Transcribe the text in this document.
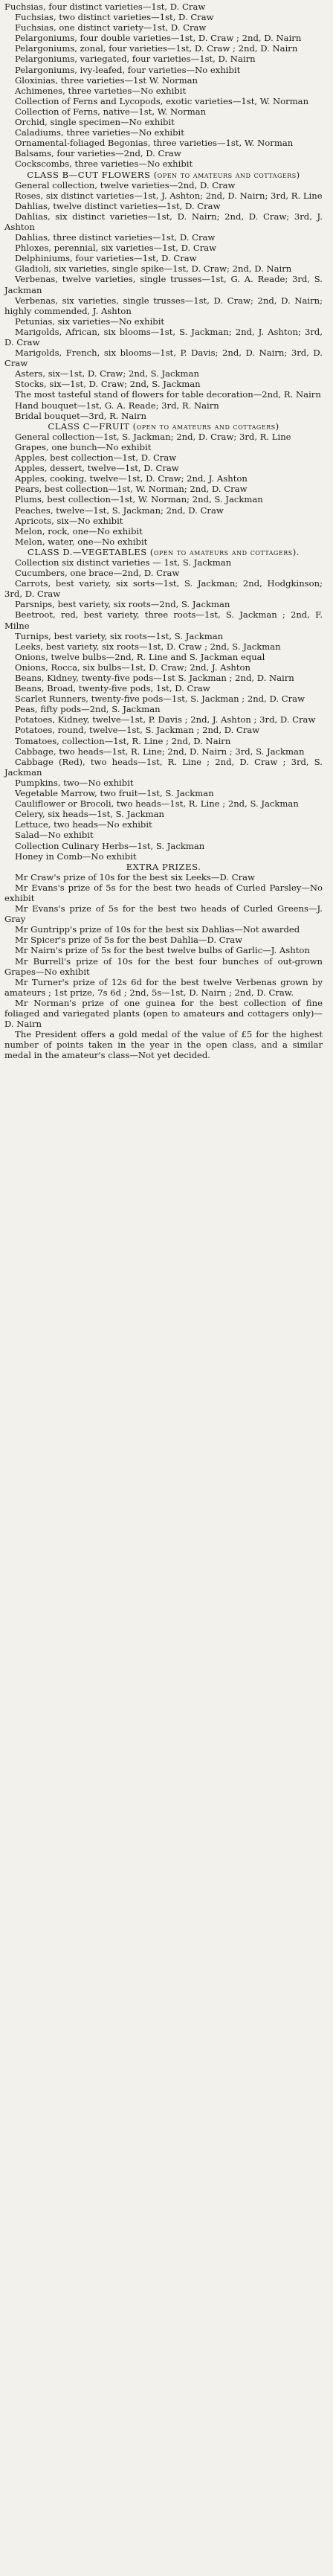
Fuchsias, four distinct varieties—1st, D. Craw

Fuchsias, two distinct varieties—1st, D. Craw

Fuchsias, one distinct variety—1st, D. Craw

Pelargoniums, four double varieties—1st, D. Craw ; 2nd, D. Nairn

Pelargoniums, zonal, four varieties—1st, D. Craw ; 2nd, D. Nairn

Pelargoniums, variegated, four varieties—1st, D. Nairn

Pelargoniums, ivy-leafed, four varieties—No exhibit

Gloxinias, three varieties—1st W. Norman

Achimenes, three varieties—No exhibit

Collection of Ferns and Lycopods, exotic varieties—1st, W. Norman

Collection of Ferns, native—1st, W. Norman

Orchid, single specimen—No exhibit

Caladiums, three varieties—No exhibit

Ornamental-foliaged Begonias, three varieties—1st, W. Norman

Balsams, four varieties—2nd, D. Craw

Cockscombs, three varieties—No exhibit

CLASS B—CUT FLOWERS (open to amateurs and cottagers)

General collection, twelve varieties—2nd, D. Craw

Roses, six distinct varieties—1st, J. Ashton; 2nd, D. Nairn; 3rd, R. Line

Dahlias, twelve distinct varieties—1st, D. Craw

Dahlias, six distinct varieties—1st, D. Nairn; 2nd, D. Craw; 3rd, J. Ashton

Dahlias, three distinct varieties—1st, D. Craw

Phloxes, perennial, six varieties—1st, D. Craw

Delphiniums, four varieties—1st, D. Craw

Gladioli, six varieties, single spike—1st, D. Craw; 2nd, D. Nairn

Verbenas, twelve varieties, single trusses—1st, G. A. Reade; 3rd, S. Jackman

Verbenas, six varieties, single trusses—1st, D. Craw; 2nd, D. Nairn; highly commended, J. Ashton

Petunias, six varieties—No exhibit

Marigolds, African, six blooms—1st, S. Jackman; 2nd, J. Ashton; 3rd, D. Craw

Marigolds, French, six blooms—1st, P. Davis; 2nd, D. Nairn; 3rd, D. Craw

Asters, six—1st, D. Craw; 2nd, S. Jackman

Stocks, six—1st, D. Craw; 2nd, S. Jackman

The most tasteful stand of flowers for table decoration—2nd, R. Nairn

Hand bouquet—1st, G. A. Reade; 3rd, R. Nairn

Bridal bouquet—3rd, R. Nairn

CLASS C—FRUIT (open to amateurs and cottagers)

General collection—1st, S. Jackman; 2nd, D. Craw; 3rd, R. Line

Grapes, one bunch—No exhibit

Apples, best collection—1st, D. Craw

Apples, dessert, twelve—1st, D. Craw

Apples, cooking, twelve—1st, D. Craw; 2nd, J. Ashton

Pears, best collection—1st, W. Norman; 2nd, D. Craw

Plums, best collection—1st, W. Norman; 2nd, S. Jackman

Peaches, twelve—1st, S. Jackman; 2nd, D. Craw

Apricots, six—No exhibit

Melon, rock, one—No exhibit

Melon, water, one—No exhibit

CLASS D.—VEGETABLES (open to amateurs and cottagers).

Collection six distinct varieties — 1st, S. Jackman

Cucumbers, one brace—2nd, D. Craw

Carrots, best variety, six sorts—1st, S. Jackman; 2nd, Hodgkinson; 3rd, D. Craw

Parsnips, best variety, six roots—2nd, S. Jackman

Beetroot, red, best variety, three roots—1st, S. Jackman ; 2nd, F. Milne

Turnips, best variety, six roots—1st, S. Jackman

Leeks, best variety, six roots—1st, D. Craw ; 2nd, S. Jackman

Onions, twelve bulbs—2nd, R. Line and S. Jackman equal

Onions, Rocca, six bulbs—1st, D. Craw; 2nd, J. Ashton

Beans, Kidney, twenty-five pods—1st S. Jackman ; 2nd, D. Nairn

Beans, Broad, twenty-five pods, 1st, D. Craw

Scarlet Runners, twenty-five pods—1st, S. Jackman ; 2nd, D. Craw

Peas, fifty pods—2nd, S. Jackman

Potatoes, Kidney, twelve—1st, P. Davis ; 2nd, J. Ashton ; 3rd, D. Craw

Potatoes, round, twelve—1st, S. Jackman ; 2nd, D. Craw

Tomatoes, collection—1st, R. Line ; 2nd, D. Nairn

Cabbage, two heads—1st, R. Line; 2nd, D. Nairn ; 3rd, S. Jackman

Cabbage (Red), two heads—1st, R. Line ; 2nd, D. Craw ; 3rd, S. Jackman

Pumpkins, two—No exhibit

Vegetable Marrow, two fruit—1st, S. Jackman

Cauliflower or Brocoli, two heads—1st, R. Line ; 2nd, S. Jackman

Celery, six heads—1st, S. Jackman

Lettuce, two heads—No exhibit

Salad—No exhibit

Collection Culinary Herbs—1st, S. Jackman

Honey in Comb—No exhibit

EXTRA PRIZES.

Mr Craw's prize of 10s for the best six Leeks—D. Craw

Mr Evans's prize of 5s for the best two heads of Curled Parsley—No exhibit

Mr Evans's prize of 5s for the best two heads of Curled Greens—J. Gray

Mr Guntripp's prize of 10s for the best six Dahlias—Not awarded

Mr Spicer's prize of 5s for the best Dahlia—D. Craw

Mr Nairn's prize of 5s for the best twelve bulbs of Garlic—J. Ashton

Mr Burrell's prize of 10s for the best four bunches of out-grown Grapes—No exhibit

Mr Turner's prize of 12s 6d for the best twelve Verbenas grown by amateurs ; 1st prize, 7s 6d ; 2nd, 5s—1st, D. Nairn ; 2nd, D. Craw.

Mr Norman's prize of one guinea for the best collection of fine foliaged and variegated plants (open to amateurs and cottagers only)—D. Nairn

The President offers a gold medal of the value of £5 for the highest number of points taken in the year in the open class, and a similar medal in the amateur's class—Not yet decided.
